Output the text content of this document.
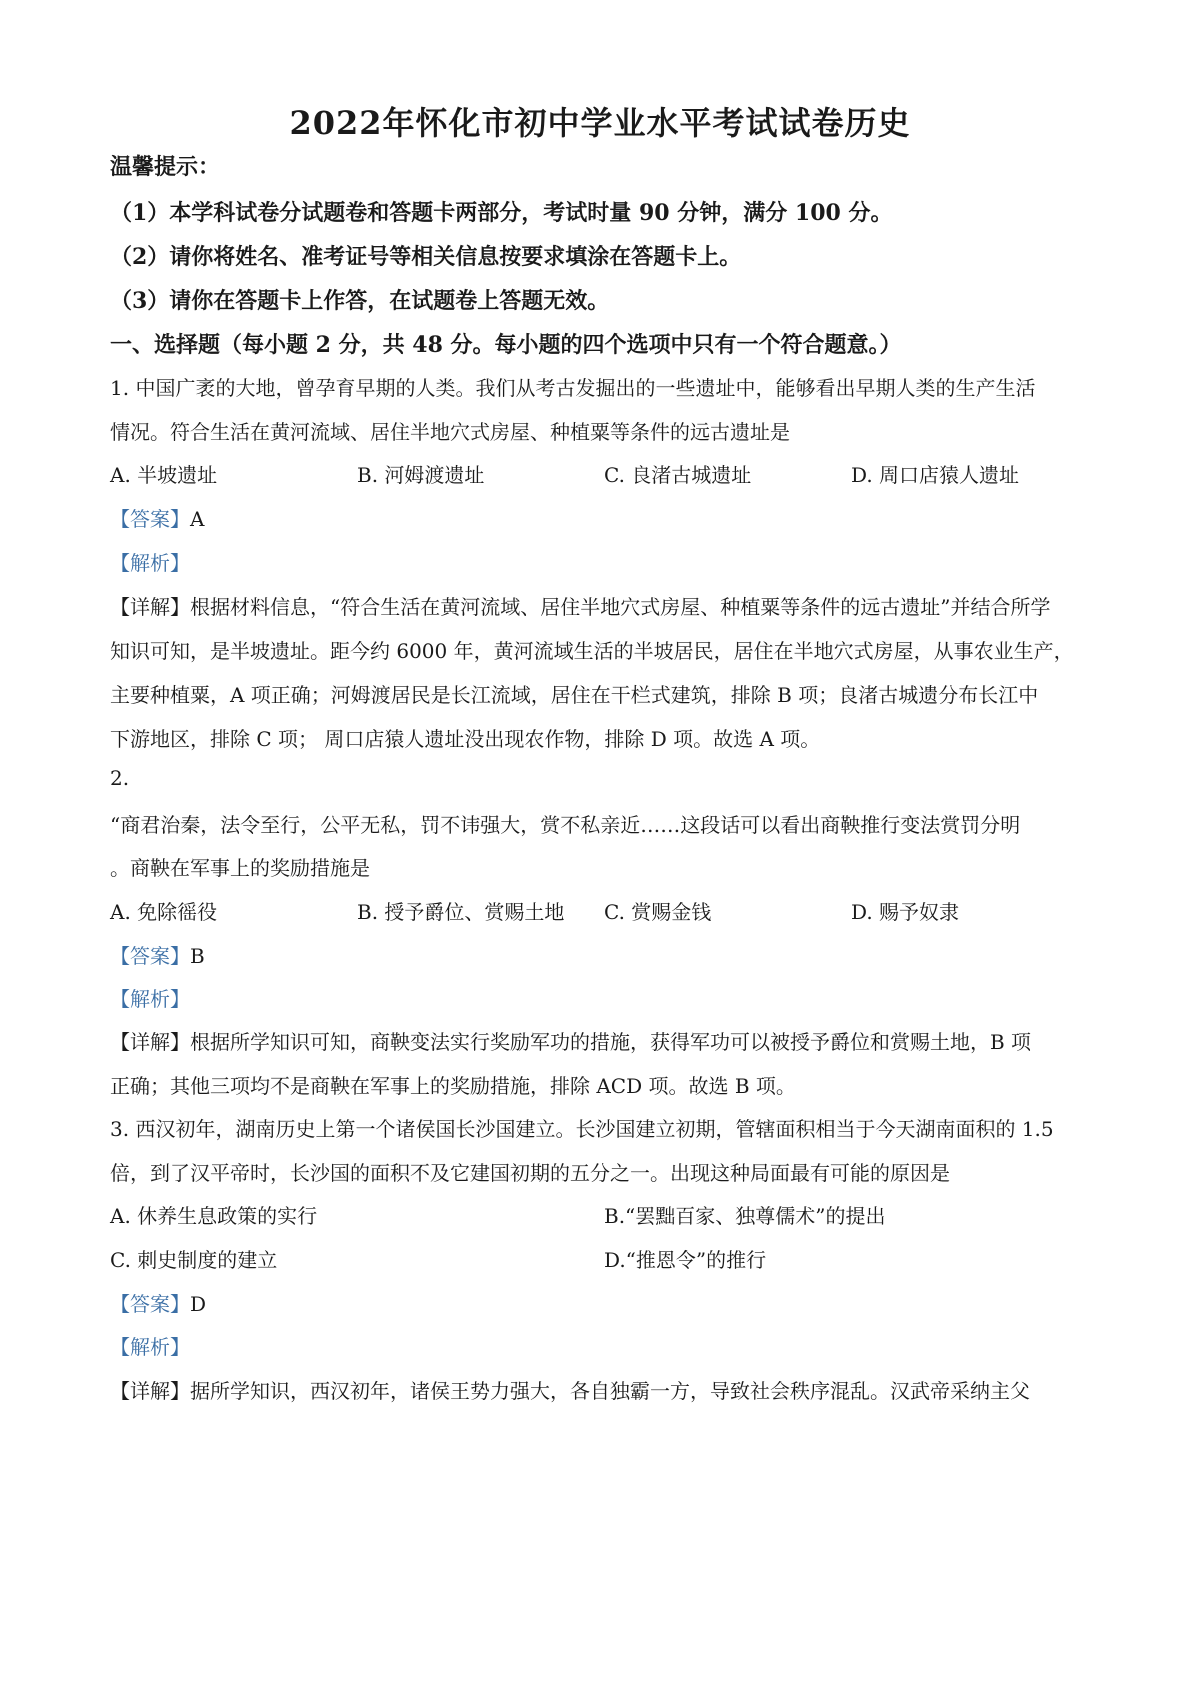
2022年怀化市初中学业水平考试试卷历史
温馨提示：
（1）本学科试卷分试题卷和答题卡两部分，考试时量 90 分钟，满分 100 分。
（2）请你将姓名、准考证号等相关信息按要求填涂在答题卡上。
（3）请你在答题卡上作答，在试题卷上答题无效。
一、选择题（每小题 2 分，共 48 分。每小题的四个选项中只有一个符合题意。）
1. 中国广袤的大地，曾孕育早期的人类。我们从考古发掘出的一些遗址中，能够看出早期人类的生产生活
情况。符合生活在黄河流域、居住半地穴式房屋、种植粟等条件的远古遗址是
A. 半坡遗址	B. 河姆渡遗址	C. 良渚古城遗址	D. 周口店猿人遗址
【答案】A
【解析】
【详解】根据材料信息，“符合生活在黄河流域、居住半地穴式房屋、种植粟等条件的远古遗址”并结合所学
知识可知，是半坡遗址。距今约 6000 年，黄河流域生活的半坡居民，居住在半地穴式房屋，从事农业生产，
主要种植粟，A 项正确；河姆渡居民是长江流域，居住在干栏式建筑，排除 B 项；良渚古城遗分布长江中
下游地区，排除 C 项； 周口店猿人遗址没出现农作物，排除 D 项。故选 A 项。
2.
“商君治秦，法令至行，公平无私，罚不讳强大，赏不私亲近……这段话可以看出商鞅推行变法赏罚分明
。商鞅在军事上的奖励措施是
A. 免除徭役	B. 授予爵位、赏赐土地 C. 赏赐金钱	D. 赐予奴隶
【答案】B
【解析】
【详解】根据所学知识可知，商鞅变法实行奖励军功的措施，获得军功可以被授予爵位和赏赐土地，B 项
正确；其他三项均不是商鞅在军事上的奖励措施，排除 ACD 项。故选 B 项。
3. 西汉初年，湖南历史上第一个诸侯国长沙国建立。长沙国建立初期，管辖面积相当于今天湖南面积的 1.5
倍，到了汉平帝时，长沙国的面积不及它建国初期的五分之一。出现这种局面最有可能的原因是
A. 休养生息政策的实行	B.“罢黜百家、独尊儒术”的提出
C. 刺史制度的建立	D.“推恩令”的推行
【答案】D
【解析】
【详解】据所学知识，西汉初年，诸侯王势力强大，各自独霸一方，导致社会秩序混乱。汉武帝采纳主父
